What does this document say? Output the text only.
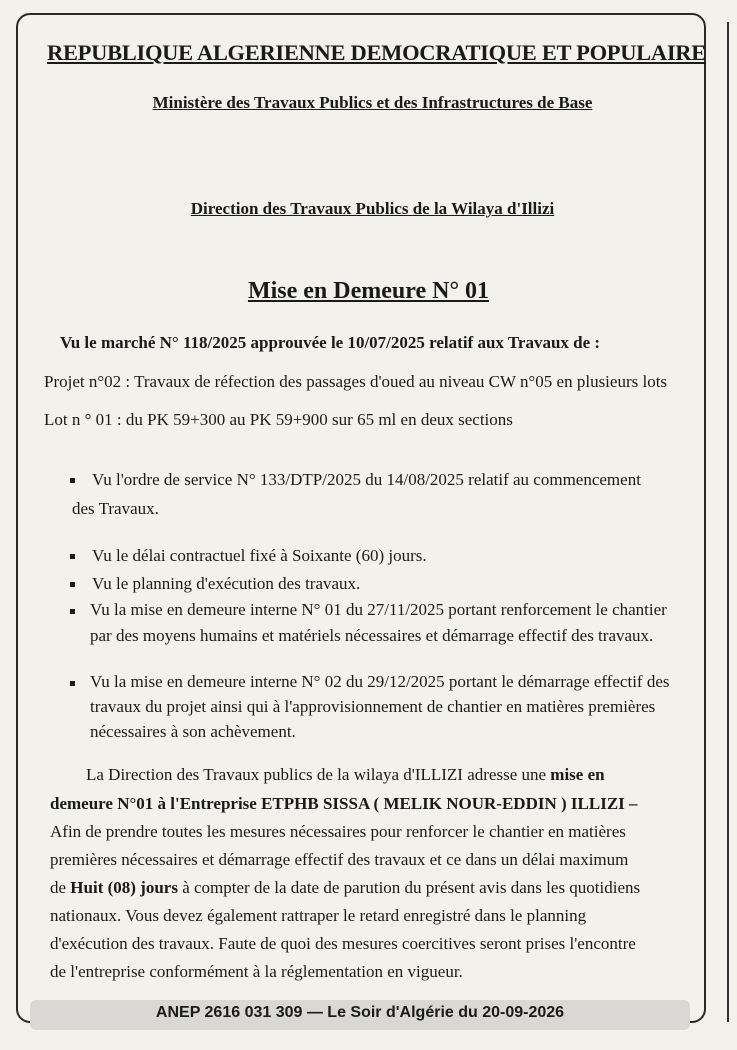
REPUBLIQUE ALGERIENNE DEMOCRATIQUE ET POPULAIRE
Ministère des Travaux Publics et des Infrastructures de Base
Direction des Travaux Publics de la Wilaya d'Illizi
Mise en Demeure N° 01
Vu le marché N° 118/2025 approuvée le 10/07/2025 relatif aux Travaux de :
Projet n°02 : Travaux de réfection des passages d'oued au niveau CW n°05 en plusieurs lots
Lot n ° 01 : du PK 59+300 au PK 59+900 sur 65 ml en deux sections
Vu l'ordre de service N° 133/DTP/2025 du 14/08/2025 relatif au commencement
des Travaux.
Vu le délai contractuel fixé à Soixante (60) jours.
Vu le planning d'exécution des travaux.
Vu la mise en demeure interne N° 01 du 27/11/2025 portant renforcement le chantier
par des moyens humains et matériels nécessaires et démarrage effectif des travaux.
Vu la mise en demeure interne N° 02 du 29/12/2025 portant le démarrage effectif des
travaux du projet ainsi qui à l'approvisionnement de chantier en matières premières
nécessaires à son achèvement.
La Direction des Travaux publics de la wilaya d'ILLIZI adresse une mise en
demeure N°01 à l'Entreprise ETPHB SISSA ( MELIK NOUR-EDDIN ) ILLIZI –
Afin de prendre toutes les mesures nécessaires pour renforcer le chantier en matières
premières nécessaires et démarrage effectif des travaux et ce dans un délai maximum
de Huit (08) jours à compter de la date de parution du présent avis dans les quotidiens
nationaux. Vous devez également rattraper le retard enregistré dans le planning
d'exécution des travaux. Faute de quoi des mesures coercitives seront prises l'encontre
de l'entreprise conformément à la réglementation en vigueur.
ANEP 2616 031 309 — Le Soir d'Algérie du 20-09-2026
